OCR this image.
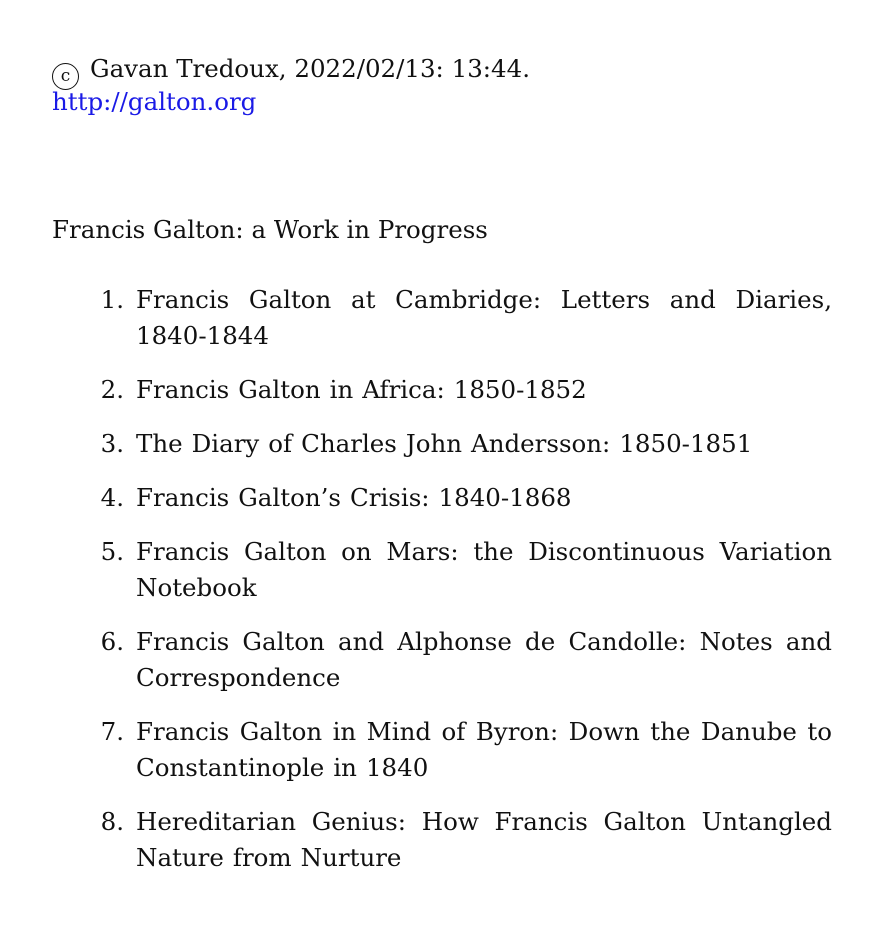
c Gavan Tredoux, 2022/02/13: 13:44.
http://galton.org
Francis Galton: a Work in Progress
1. Francis Galton at Cambridge: Letters and Diaries, 1840-1844
2. Francis Galton in Africa: 1850-1852
3. The Diary of Charles John Andersson: 1850-1851
4. Francis Galton’s Crisis: 1840-1868
5. Francis Galton on Mars: the Discontinuous Variation Notebook
6. Francis Galton and Alphonse de Candolle: Notes and Correspondence
7. Francis Galton in Mind of Byron: Down the Danube to Constantinople in 1840
8. Hereditarian Genius: How Francis Galton Untangled Nature from Nurture
